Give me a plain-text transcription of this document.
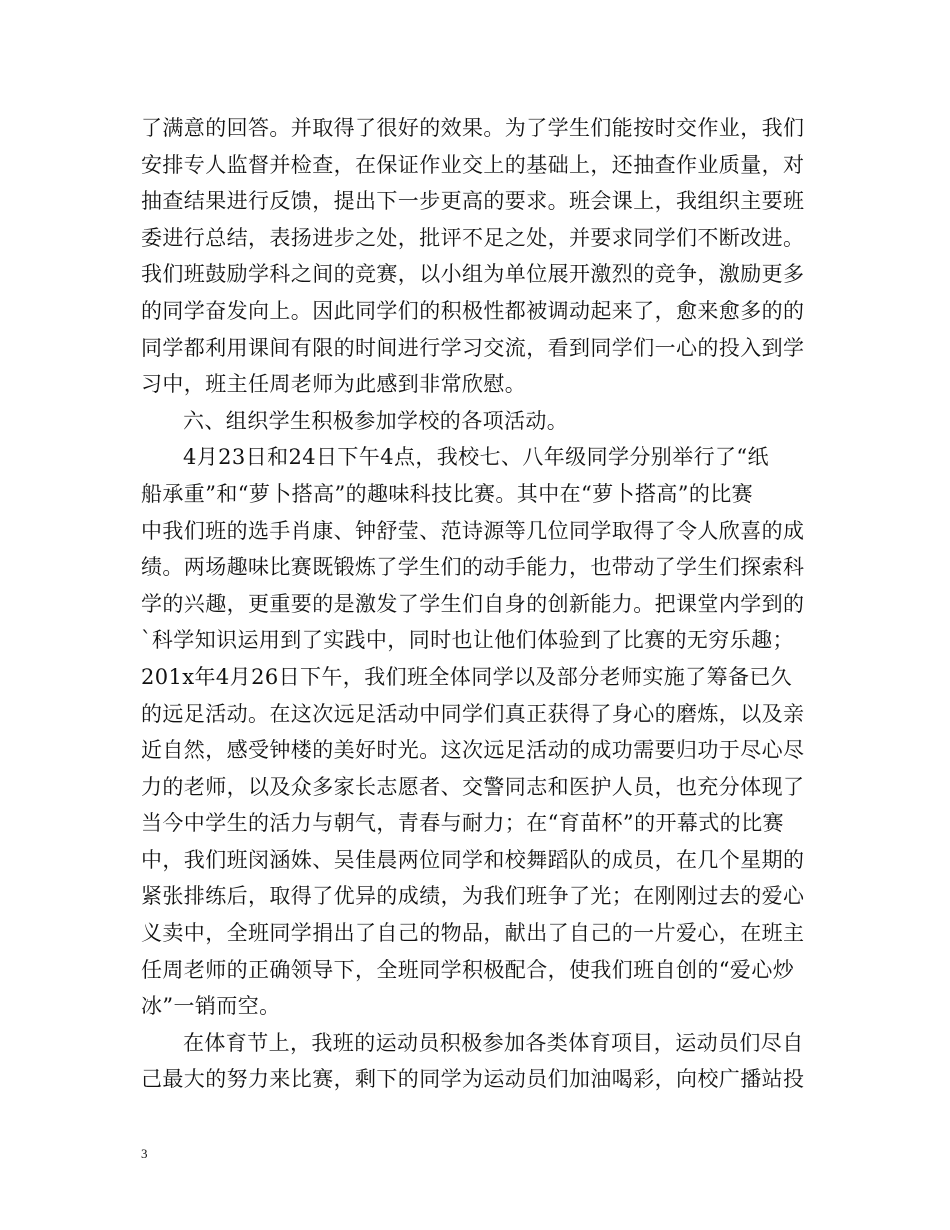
了满意的回答。并取得了很好的效果。为了学生们能按时交作业，我们
安排专人监督并检查，在保证作业交上的基础上，还抽查作业质量，对
抽查结果进行反馈，提出下一步更高的要求。班会课上，我组织主要班
委进行总结，表扬进步之处，批评不足之处，并要求同学们不断改进。
我们班鼓励学科之间的竞赛，以小组为单位展开激烈的竞争，激励更多
的同学奋发向上。因此同学们的积极性都被调动起来了，愈来愈多的的
同学都利用课间有限的时间进行学习交流，看到同学们一心的投入到学
习中，班主任周老师为此感到非常欣慰。
六、组织学生积极参加学校的各项活动。
4月23日和24日下午4点，我校七、八年级同学分别举行了“纸
船承重”和“萝卜搭高”的趣味科技比赛。其中在“萝卜搭高”的比赛
中我们班的选手肖康、钟舒莹、范诗源等几位同学取得了令人欣喜的成
绩。两场趣味比赛既锻炼了学生们的动手能力，也带动了学生们探索科
学的兴趣，更重要的是激发了学生们自身的创新能力。把课堂内学到的
`科学知识运用到了实践中，同时也让他们体验到了比赛的无穷乐趣；
201x年4月26日下午，我们班全体同学以及部分老师实施了筹备已久
的远足活动。在这次远足活动中同学们真正获得了身心的磨炼，以及亲
近自然，感受钟楼的美好时光。这次远足活动的成功需要归功于尽心尽
力的老师，以及众多家长志愿者、交警同志和医护人员，也充分体现了
当今中学生的活力与朝气，青春与耐力；在“育苗杯”的开幕式的比赛
中，我们班闵涵姝、吴佳晨两位同学和校舞蹈队的成员，在几个星期的
紧张排练后，取得了优异的成绩，为我们班争了光；在刚刚过去的爱心
义卖中，全班同学捐出了自己的物品，献出了自己的一片爱心，在班主
任周老师的正确领导下，全班同学积极配合，使我们班自创的“爱心炒
冰”一销而空。
在体育节上，我班的运动员积极参加各类体育项目，运动员们尽自
己最大的努力来比赛，剩下的同学为运动员们加油喝彩，向校广播站投
3
